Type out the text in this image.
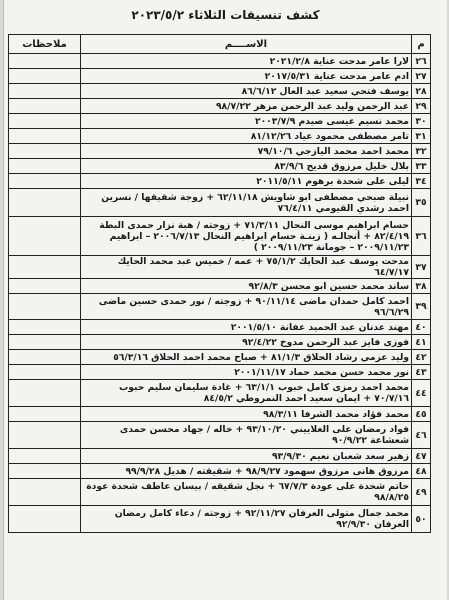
كشف تنسيقات الثلاثاء ٢٠٢٣/٥/٢
م	الاســــم	ملاحظات
٢٦	لارا عامر مدحت عناية ٢٠٢١/٢/٨	
٢٧	ادم عامر مدحت عناية ٢٠١٧/٥/٣١	
٢٨	يوسف فتحي سعيد عبد العال ٨٦/٦/١٢	
٢٩	عبد الرحمن وليد عبد الرحمن مزهر ٩٨/٧/٢٢	
٣٠	محمد نسيم عيسى صيدم ٢٠٠٣/٧/٩	
٣١	تامر مصطفى محمود عياد ٨١/١٢/٢٦	
٣٢	محمد احمد محمد اليازجي ٧٩/١٠/٦	
٣٣	بلال خليل مرزوق قديح ٨٣/٩/٦	
٣٤	ليلى على شحدة برهوم ٢٠١١/٥/١١	
٣٥	نبيلة صبحي مصطفى ابو شاويش ٦٢/١١/١٨ + زوجة شقيقها / نسرين احمد رشدي القيومي ٧٦/٤/١١	
٣٦	حسام ابراهيم موسى النحال ٧١/٣/١١ + زوجته / هبة نزار حمدى البطة ٨٢/٤/١٩ + أنجالـه ( زينـة حسام ابراهيم النحال ٢٠٠٦/٧/١٣ – ابراهيم ٢٠٠٩/١١/٢٣ – جومانة ٢٠٠٩/١١/٢٣ )	
٣٧	مدحت يوسف عبد الحايك ٧٥/١/٢ + عمه / خميس عبد محمد الحايك ٦٤/٧/١٧	
٣٨	ساند محمد حسين ابو محسن ٩٢/٨/٣	
٣٩	احمد كامل حمدان ماضى ٩٠/١١/١٤ + زوجته / نور حمدى حسين ماضى ٩٦/٦/٢٩	
٤٠	مهند عدنان عبد الحميد عفانة ٢٠٠١/٥/١٠	
٤١	فوزى فايز عبد الرحمن مدوخ ٩٢/٤/٢٢	
٤٢	وليد عزمي رشاد الحلاق ٨١/١/٣ + صباح محمد احمد الحلاق ٥٦/٣/١٦	
٤٣	نور محمد حسن محمد حماد ٢٠٠١/١١/١٧	
٤٤	محمد احمد رمزى كامل حبوب ٦٣/١/١ + غادة سليمان سليم حبوب ٧٠/٧/١٦ + ايمان سعيد احمد النمروطي ٨٤/٥/٢	
٤٥	محمد فؤاد محمد الشرفا ٩٨/٣/١١	
٤٦	فواد رمضان على الغلاييني ٩٣/١٠/٢٠ + خاله / جهاد محسن حمدى شعشاعة ٩٠/٩/٢٢	
٤٧	زهير سعد شعبان نعيم ٩٣/٩/٣٠	
٤٨	مرزوق هانى مرزوق سهمود ٩٨/٩/٢٧ + شقيقته / هديل ٩٩/٩/٢٨	
٤٩	حاتم شحدة على عودة ٦٧/٧/٣ + نجل شقيقه / بيسان عاطف شحدة عودة ٩٨/٨/٢٥	
٥٠	محمد جمال متولى العرفان ٩٢/١١/٢٧ + زوجته / دعاء كامل رمضان العرفان ٩٢/٩/٣٠	
